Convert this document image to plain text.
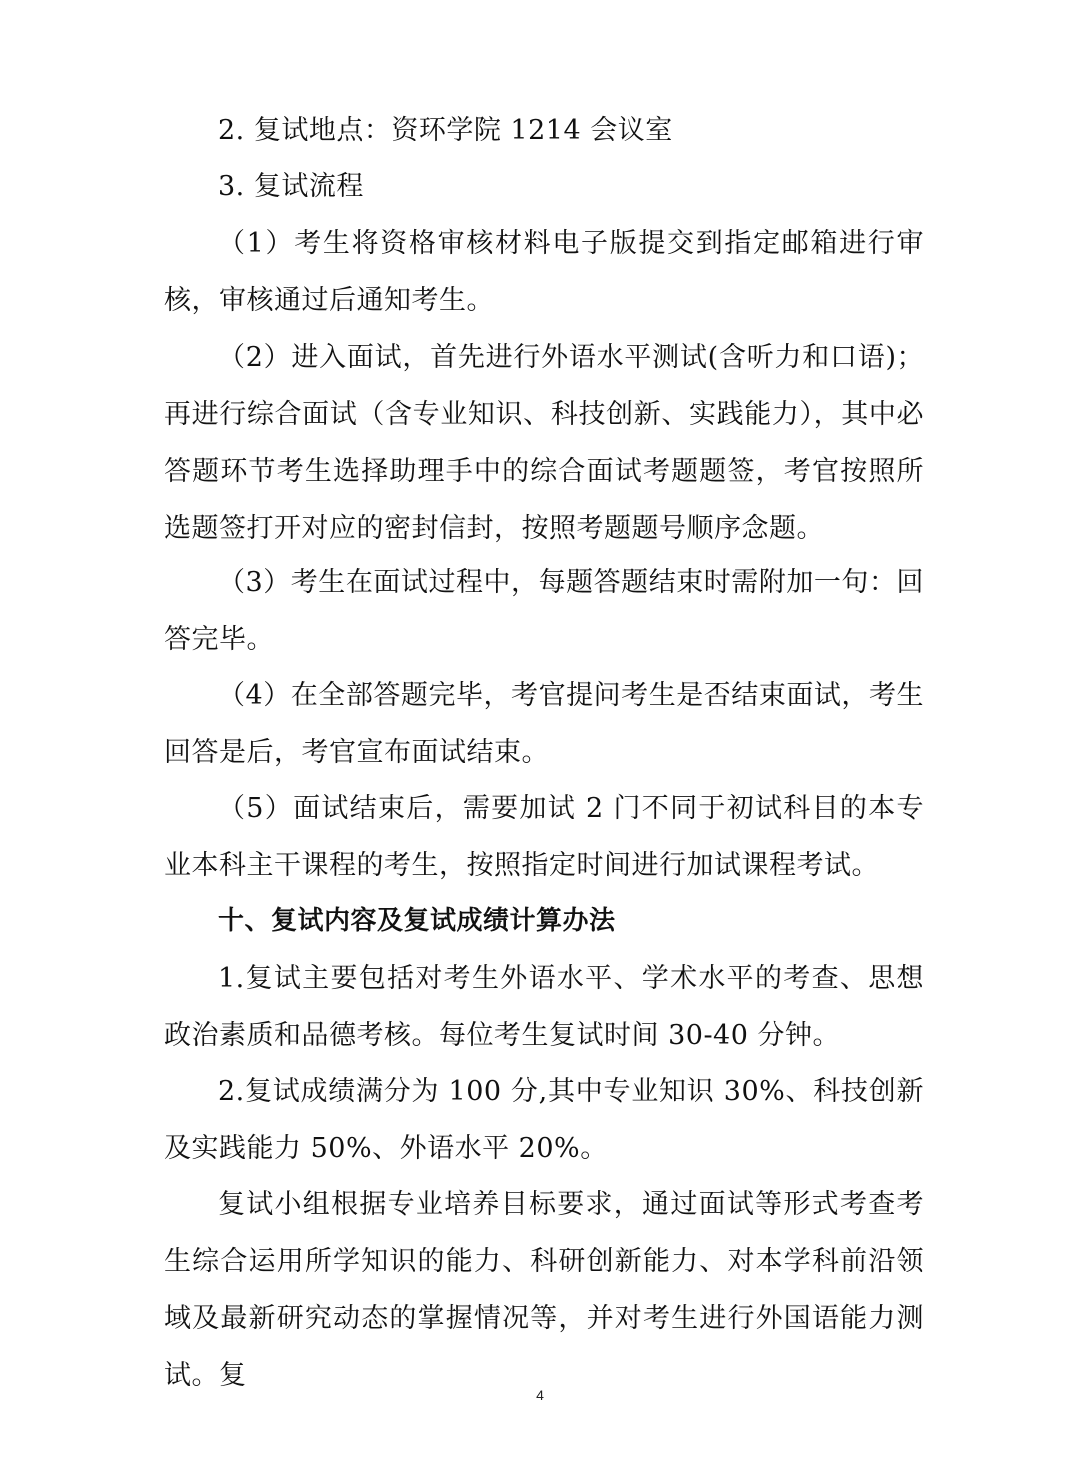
2. 复试地点：资环学院 1214 会议室

3. 复试流程

（1）考生将资格审核材料电子版提交到指定邮箱进行审核，审核通过后通知考生。

（2）进入面试，首先进行外语水平测试(含听力和口语)；再进行综合面试（含专业知识、科技创新、实践能力），其中必答题环节考生选择助理手中的综合面试考题题签，考官按照所选题签打开对应的密封信封，按照考题题号顺序念题。

（3）考生在面试过程中，每题答题结束时需附加一句：回答完毕。

（4）在全部答题完毕，考官提问考生是否结束面试，考生回答是后，考官宣布面试结束。

（5）面试结束后，需要加试 2 门不同于初试科目的本专业本科主干课程的考生，按照指定时间进行加试课程考试。

十、复试内容及复试成绩计算办法

1.复试主要包括对考生外语水平、学术水平的考查、思想政治素质和品德考核。每位考生复试时间 30-40 分钟。

2.复试成绩满分为 100 分,其中专业知识 30%、科技创新及实践能力 50%、外语水平 20%。

复试小组根据专业培养目标要求，通过面试等形式考查考生综合运用所学知识的能力、科研创新能力、对本学科前沿领域及最新研究动态的掌握情况等，并对考生进行外国语能力测试。复

4
